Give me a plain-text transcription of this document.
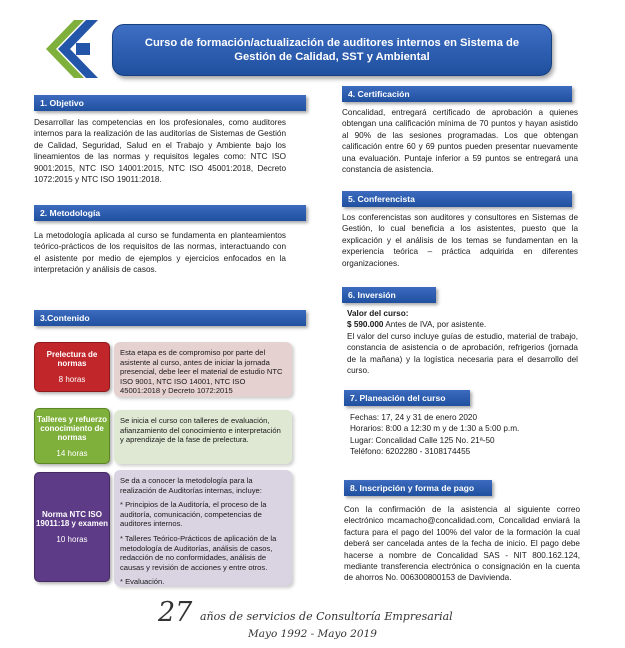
Curso de formación/actualización de auditores internos en Sistema de Gestión de Calidad, SST y Ambiental
1. Objetivo
Desarrollar las competencias en los profesionales, como auditores internos para la realización de las auditorías de Sistemas de Gestión de Calidad, Seguridad, Salud en el Trabajo y Ambiente bajo los lineamientos de las normas y requisitos legales como: NTC ISO 9001:2015, NTC ISO 14001:2015, NTC ISO 45001:2018, Decreto 1072:2015 y NTC ISO 19011:2018.
2. Metodología
La metodología aplicada al curso se fundamenta en planteamientos teórico-prácticos de los requisitos de las normas, interactuando con el asistente por medio de ejemplos y ejercicios enfocados en la interpretación y análisis de casos.
3.Contenido
Prelectura de normas
8 horas

Esta etapa es de compromiso por parte del asistente al curso, antes de iniciar la jornada presencial, debe leer el material de estudio NTC ISO 9001, NTC ISO 14001, NTC ISO 45001:2018 y Decreto 1072:2015

Talleres y refuerzo conocimiento de normas
14 horas

Se inicia el curso con talleres de evaluación, afianzamiento del conocimiento e interpretación y aprendizaje de la fase de prelectura.

Norma NTC ISO 19011:18 y examen
10 horas

Se da a conocer la metodología para la realización de Auditorías internas, incluye:

* Principios de la Auditoría, el proceso de la auditoría, comunicación, competencias de auditores internos.

* Talleres Teórico-Prácticos de aplicación de la metodología de Auditorías, análisis de casos, redacción de no conformidades, análisis de causas y revisión de acciones y entre otros.

* Evaluación.

4. Certificación
Concalidad, entregará certificado de aprobación a quienes obtengan una calificación mínima de 70 puntos y hayan asistido al 90% de las sesiones programadas. Los que obtengan calificación entre 60 y 69 puntos pueden presentar nuevamente una evaluación. Puntaje inferior a 59 puntos se entregará una constancia de asistencia.
5. Conferencista
Los conferencistas son auditores y consultores en Sistemas de Gestión, lo cual beneficia a los asistentes, puesto que la explicación y el análisis de los temas se fundamentan en la experiencia teórica – práctica adquirida en diferentes organizaciones.
6. Inversión

Valor del curso:

$ 590.000 Antes de IVA, por asistente.

El valor del curso incluye guías de estudio, material de trabajo, constancia de asistencia o de aprobación, refrigerios (jornada de la mañana) y la logística necesaria para el desarrollo del curso.

7. Planeación del curso

Fechas: 17, 24 y 31 de enero 2020

Horarios: 8:00 a 12:30 m y de 1:30 a 5:00 p.m.

Lugar: Concalidad Calle 125 No. 21ª-50

Teléfono: 6202280 - 3108174455

8. Inscripción y forma de pago
Con la confirmación de la asistencia al siguiente correo electrónico mcamacho@concalidad.com, Concalidad enviará la factura para el pago del 100% del valor de la formación la cual deberá ser cancelada antes de la fecha de inicio. El pago debe hacerse a nombre de Concalidad SAS - NIT 800.162.124, mediante transferencia electrónica o consignación en la cuenta de ahorros No. 006300800153 de Davivienda.
27 años de servicios de Consultoría Empresarial
Mayo 1992 - Mayo 2019
